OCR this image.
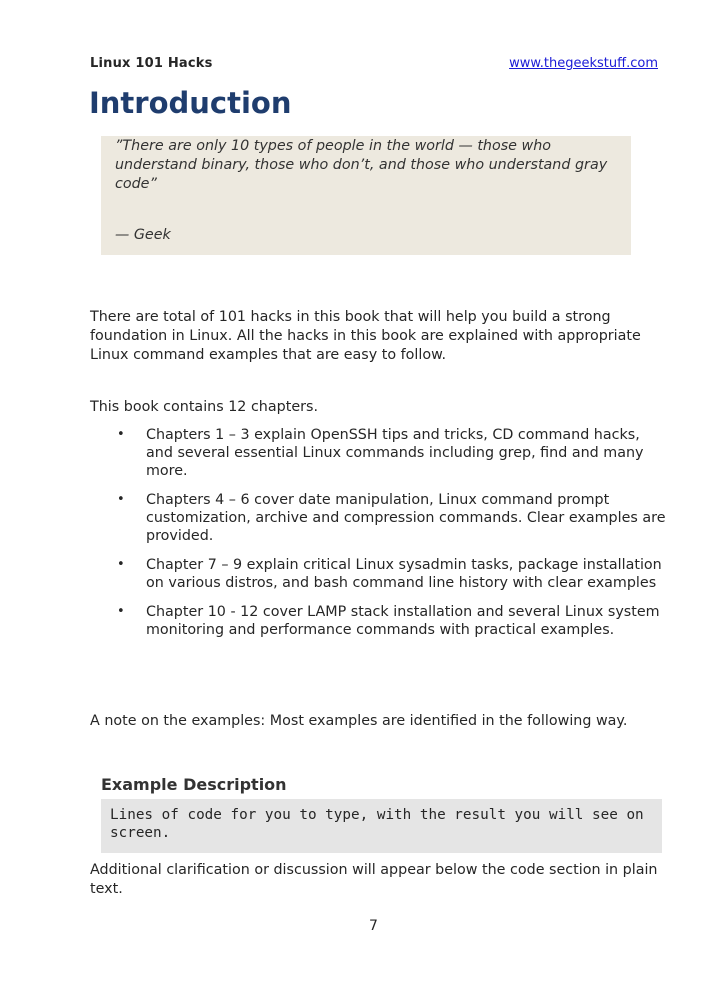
Linux 101 Hacks	www.thegeekstuff.com
Introduction

”There are only 10 types of people in the world — those who understand binary, those who don’t, and those who understand gray code”

— Geek

There are total of 101 hacks in this book that will help you build a strong foundation in Linux. All the hacks in this book are explained with appropriate Linux command examples that are easy to follow.

This book contains 12 chapters.

• Chapters 1 – 3 explain OpenSSH tips and tricks, CD command hacks, and several essential Linux commands including grep, find and many more.
• Chapters 4 – 6 cover date manipulation, Linux command prompt customization, archive and compression commands. Clear examples are provided.
• Chapter 7 – 9 explain critical Linux sysadmin tasks, package installation on various distros, and bash command line history with clear examples
• Chapter 10 - 12 cover LAMP stack installation and several Linux system monitoring and performance commands with practical examples.

A note on the examples: Most examples are identified in the following way.

Example Description

Lines of code for you to type, with the result you will see on screen.

Additional clarification or discussion will appear below the code section in plain text.

7
